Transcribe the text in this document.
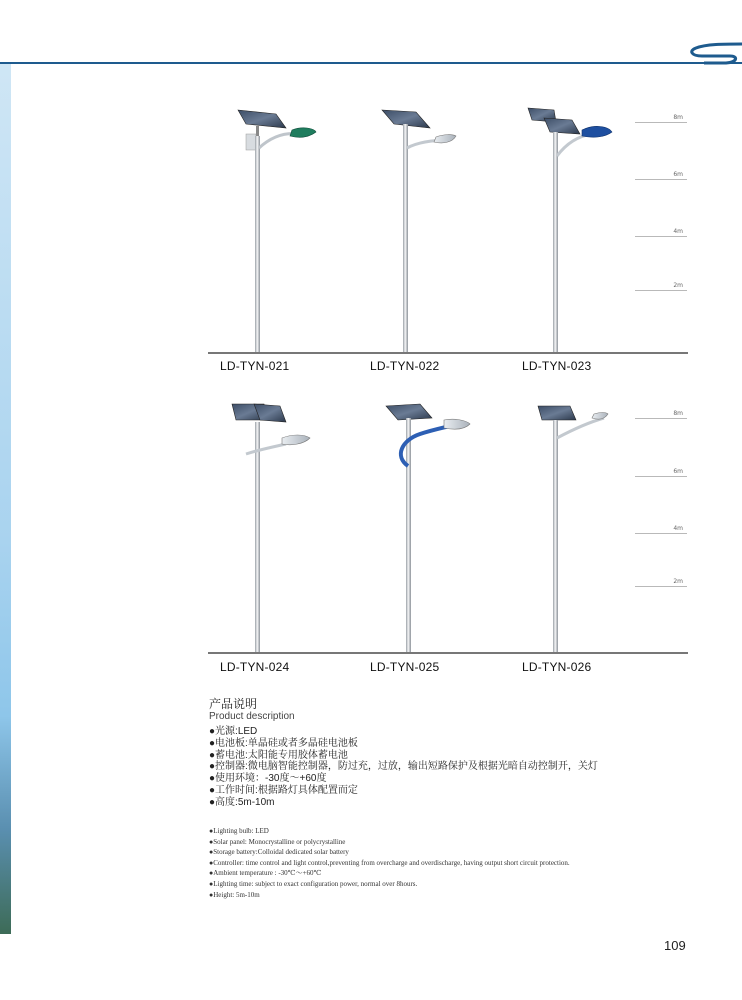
8m
6m
4m
2m
8m
6m
4m
2m
LD-TYN-021	LD-TYN-022	LD-TYN-023
LD-TYN-024	LD-TYN-025	LD-TYN-026
产品说明
Product description
●光源:LED
●电池板:单晶硅或者多晶硅电池板
●蓄电池:太阳能专用胶体蓄电池
●控制器:微电脑智能控制器，防过充，过放，输出短路保护及根据光暗自动控制开，关灯
●使用环境：-30度～+60度
●工作时间:根据路灯具体配置而定
●高度:5m-10m
●Lighting bulb: LED
●Solar panel: Monocrystalline or polycrystalline
●Storage battery:Colloidal dedicated solar battery
●Controller: time control and light control,preventing from overcharge and overdischarge, having output short circuit protection.
●Ambient temperature : -30℃～+60℃
●Lighting time: subject to exact configuration power, normal over 8hours.
●Height: 5m-10m
109
